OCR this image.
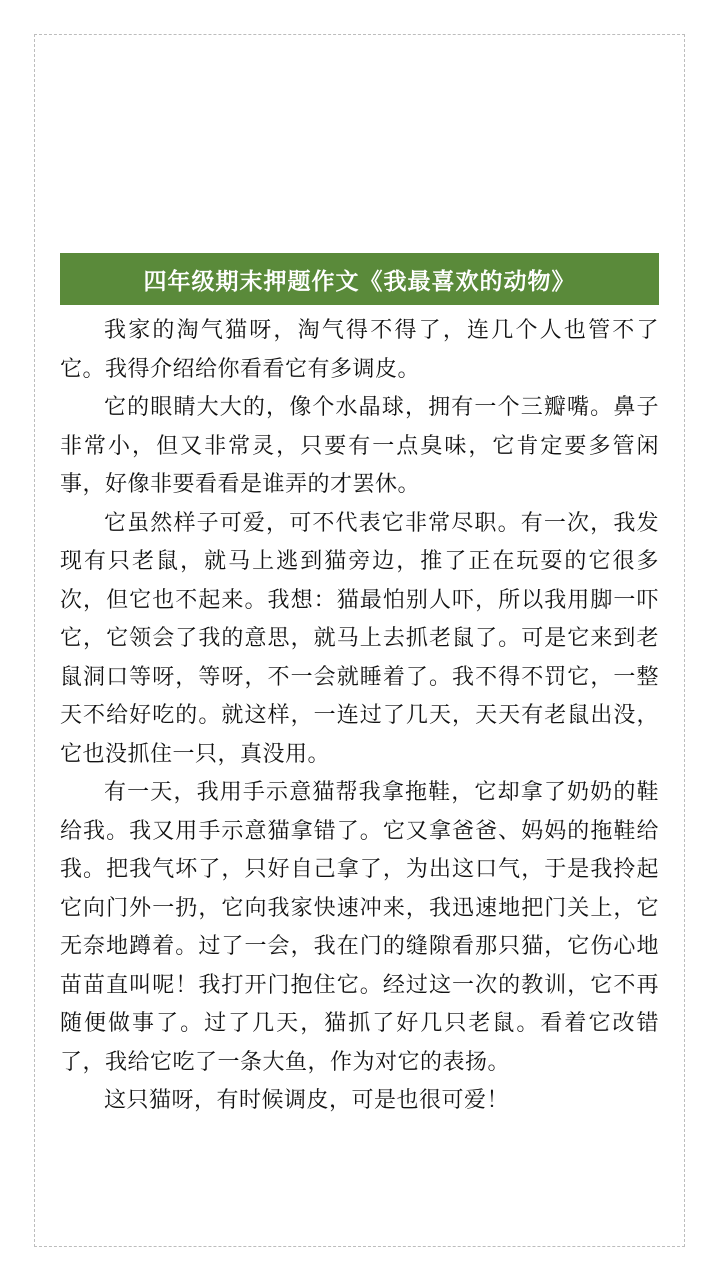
四年级期末押题作文《我最喜欢的动物》

我家的淘气猫呀，淘气得不得了，连几个人也管不了它。我得介绍给你看看它有多调皮。

它的眼睛大大的，像个水晶球，拥有一个三瓣嘴。鼻子非常小，但又非常灵，只要有一点臭味，它肯定要多管闲事，好像非要看看是谁弄的才罢休。

它虽然样子可爱，可不代表它非常尽职。有一次，我发现有只老鼠，就马上逃到猫旁边，推了正在玩耍的它很多次，但它也不起来。我想：猫最怕别人吓，所以我用脚一吓它，它领会了我的意思，就马上去抓老鼠了。可是它来到老鼠洞口等呀，等呀，不一会就睡着了。我不得不罚它，一整天不给好吃的。就这样，一连过了几天，天天有老鼠出没，它也没抓住一只，真没用。

有一天，我用手示意猫帮我拿拖鞋，它却拿了奶奶的鞋给我。我又用手示意猫拿错了。它又拿爸爸、妈妈的拖鞋给我。把我气坏了，只好自己拿了，为出这口气，于是我拎起它向门外一扔，它向我家快速冲来，我迅速地把门关上，它无奈地蹲着。过了一会，我在门的缝隙看那只猫，它伤心地苗苗直叫呢！我打开门抱住它。经过这一次的教训，它不再随便做事了。过了几天，猫抓了好几只老鼠。看着它改错了，我给它吃了一条大鱼，作为对它的表扬。

这只猫呀，有时候调皮，可是也很可爱！
